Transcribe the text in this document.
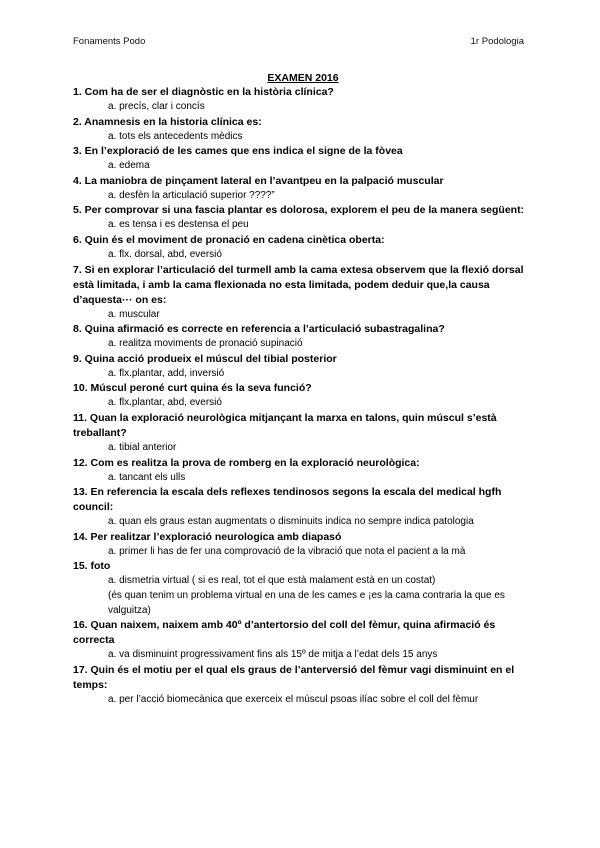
Fonaments Podo	1r Podologia
EXAMEN 2016
1. Com ha de ser el diagnòstic en la història clínica?
a. precís, clar i concís
2. Anamnesis en la historia clínica es:
a. tots els antecedents mèdics
3. En l’exploració de les cames que ens indica el signe de la fòvea
a. edema
4. La maniobra de pinçament lateral en l’avantpeu en la palpació muscular
a. desfèn la articulació superior ????”
5. Per comprovar si una fascia plantar es dolorosa, explorem el peu de la manera següent:
a. es tensa i es destensa el peu
6. Quin és el moviment de pronació en cadena cinètica oberta:
a. flx. dorsal, abd, eversió
7. Si en explorar l’articulació del turmell amb la cama extesa observem que la flexió dorsal està limitada, i amb la cama flexionada no esta limitada, podem deduir que,la causa d’aquesta··· on es:
a. muscular
8. Quina afirmació es correcte en referencia a l’articulació subastragalina?
a. realitza moviments de pronació supinació
9. Quina acció produeix el múscul del tibial posterior
a. flx.plantar, add, inversió
10. Múscul peroné curt quina és la seva funció?
a. flx.plantar, abd, eversió
11. Quan la exploració neurològica mitjançant la marxa en talons, quin múscul s’està treballant?
a. tibial anterior
12. Com es realitza la prova de romberg en la exploració neurològica:
a. tancant els ulls
13. En referencia la escala dels reflexes tendinosos segons la escala del medical hgfh council:
a. quan els graus estan augmentats o disminuits indica no sempre indica patologia
14. Per realitzar l’exploració neurologica amb diapasó
a. primer li has de fer una comprovació de la vibració que nota el pacient a la mà
15. foto
a. dismetria virtual ( si es real, tot el que està malament està en un costat)
(és quan tenim un problema virtual en una de les cames e ¡es la cama contraria la que es valguitza)
16. Quan naixem, naixem amb 40º d’antertorsio del coll del fèmur, quina afirmació és correcta
a. va disminuint progressivament fins als 15º de mitja a l’edat dels 15 anys
17. Quin és el motiu per el qual els graus de l’anterversió del fèmur vagi disminuint en el temps:
a. per l’acció biomecànica que exerceix el múscul psoas ilíac sobre el coll del fèmur
